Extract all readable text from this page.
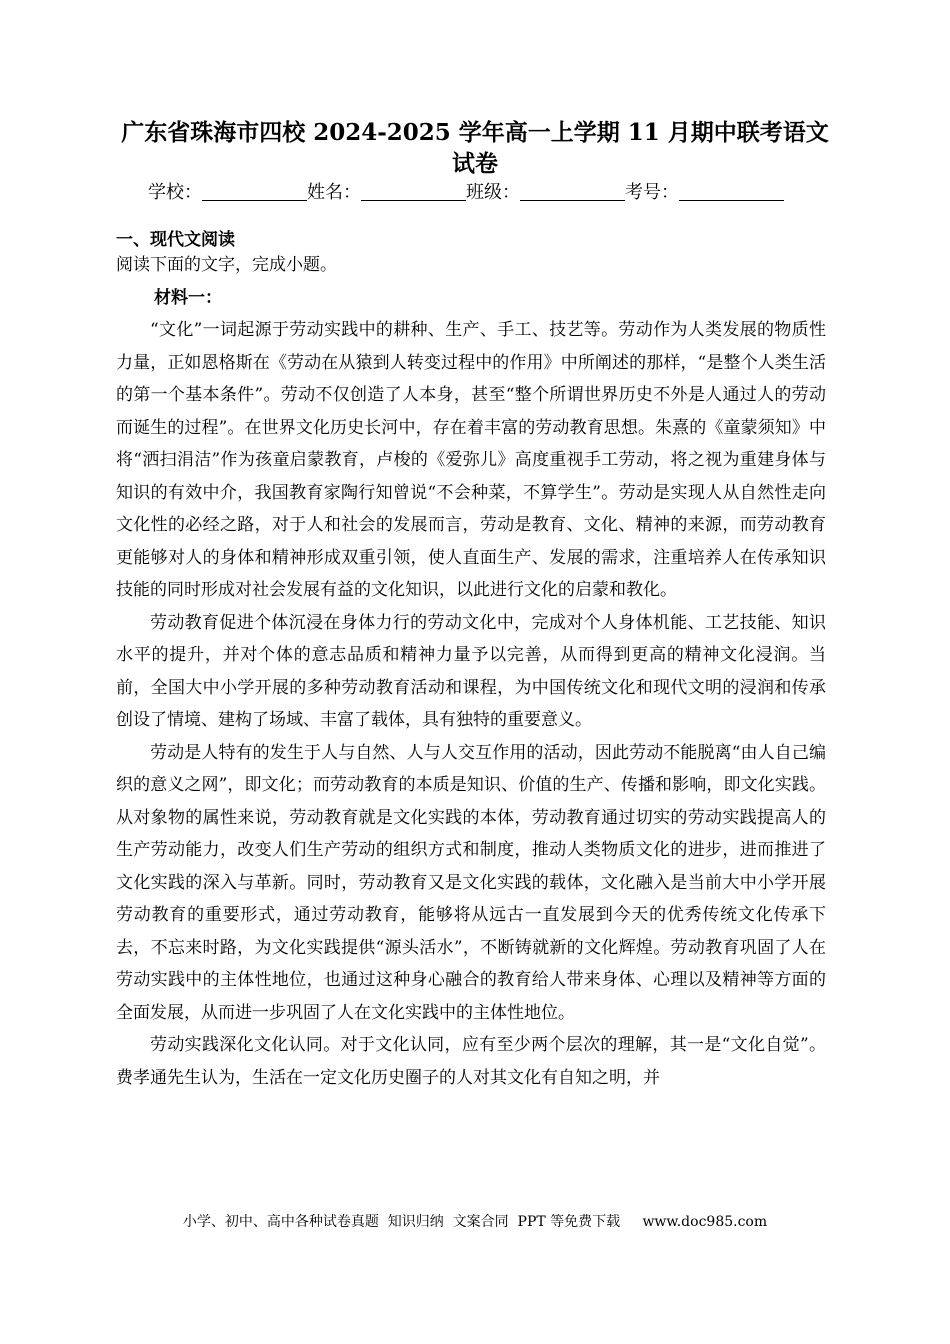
广东省珠海市四校 2024-2025 学年高一上学期 11 月期中联考语文试卷
学校：	姓名：	班级：	考号：
一、现代文阅读
阅读下面的文字，完成小题。
材料一：

“文化”一词起源于劳动实践中的耕种、生产、手工、技艺等。劳动作为人类发展的物质性力量，正如恩格斯在《劳动在从猿到人转变过程中的作用》中所阐述的那样，“是整个人类生活的第一个基本条件”。劳动不仅创造了人本身，甚至“整个所谓世界历史不外是人通过人的劳动而诞生的过程”。在世界文化历史长河中，存在着丰富的劳动教育思想。朱熹的《童蒙须知》中将“洒扫涓洁”作为孩童启蒙教育，卢梭的《爱弥儿》高度重视手工劳动，将之视为重建身体与知识的有效中介，我国教育家陶行知曾说“不会种菜，不算学生”。劳动是实现人从自然性走向文化性的必经之路，对于人和社会的发展而言，劳动是教育、文化、精神的来源，而劳动教育更能够对人的身体和精神形成双重引领，使人直面生产、发展的需求，注重培养人在传承知识技能的同时形成对社会发展有益的文化知识，以此进行文化的启蒙和教化。

劳动教育促进个体沉浸在身体力行的劳动文化中，完成对个人身体机能、工艺技能、知识水平的提升，并对个体的意志品质和精神力量予以完善，从而得到更高的精神文化浸润。当前，全国大中小学开展的多种劳动教育活动和课程，为中国传统文化和现代文明的浸润和传承创设了情境、建构了场域、丰富了载体，具有独特的重要意义。

劳动是人特有的发生于人与自然、人与人交互作用的活动，因此劳动不能脱离“由人自己编织的意义之网”，即文化；而劳动教育的本质是知识、价值的生产、传播和影响，即文化实践。从对象物的属性来说，劳动教育就是文化实践的本体，劳动教育通过切实的劳动实践提高人的生产劳动能力，改变人们生产劳动的组织方式和制度，推动人类物质文化的进步，进而推进了文化实践的深入与革新。同时，劳动教育又是文化实践的载体，文化融入是当前大中小学开展劳动教育的重要形式，通过劳动教育，能够将从远古一直发展到今天的优秀传统文化传承下去，不忘来时路，为文化实践提供“源头活水”，不断铸就新的文化辉煌。劳动教育巩固了人在劳动实践中的主体性地位，也通过这种身心融合的教育给人带来身体、心理以及精神等方面的全面发展，从而进一步巩固了人在文化实践中的主体性地位。

劳动实践深化文化认同。对于文化认同，应有至少两个层次的理解，其一是“文化自觉”。费孝通先生认为，生活在一定文化历史圈子的人对其文化有自知之明，并

小学、初中、高中各种试卷真题  知识归纳  文案合同  PPT 等免费下载     www.doc985.com
